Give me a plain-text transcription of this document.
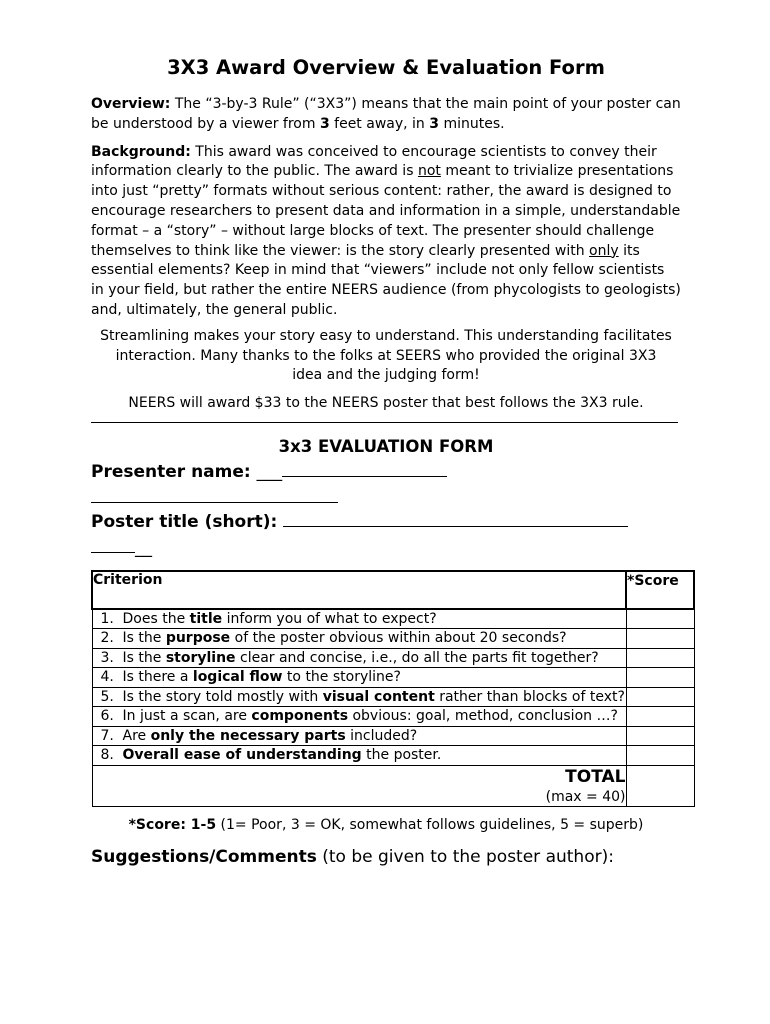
3X3 Award Overview & Evaluation Form

Overview: The “3-by-3 Rule” (“3X3”) means that the main point of your poster can be understood by a viewer from 3 feet away, in 3 minutes.

Background: This award was conceived to encourage scientists to convey their information clearly to the public. The award is not meant to trivialize presentations into just “pretty” formats without serious content: rather, the award is designed to encourage researchers to present data and information in a simple, understandable format – a “story” – without large blocks of text. The presenter should challenge themselves to think like the viewer: is the story clearly presented with only its essential elements? Keep in mind that “viewers” include not only fellow scientists in your field, but rather the entire NEERS audience (from phycologists to geologists) and, ultimately, the general public.

Streamlining makes your story easy to understand. This understanding facilitates interaction. Many thanks to the folks at SEERS who provided the original 3X3 idea and the judging form!

NEERS will award $33 to the NEERS poster that best follows the 3X3 rule.

3x3 EVALUATION FORM

Presenter name: ___

Poster title (short):

__

Criterion	*Score

1. Does the title inform you of what to expect?	

2. Is the purpose of the poster obvious within about 20 seconds?	

3. Is the storyline clear and concise, i.e., do all the parts fit together?	

4. Is there a logical flow to the storyline?	

5. Is the story told mostly with visual content rather than blocks of text?	

6. In just a scan, are components obvious: goal, method, conclusion …?	

7. Are only the necessary parts included?	

8. Overall ease of understanding the poster.	

TOTAL
(max = 40)	

*Score: 1-5 (1= Poor, 3 = OK, somewhat follows guidelines, 5 = superb)

Suggestions/Comments (to be given to the poster author):
